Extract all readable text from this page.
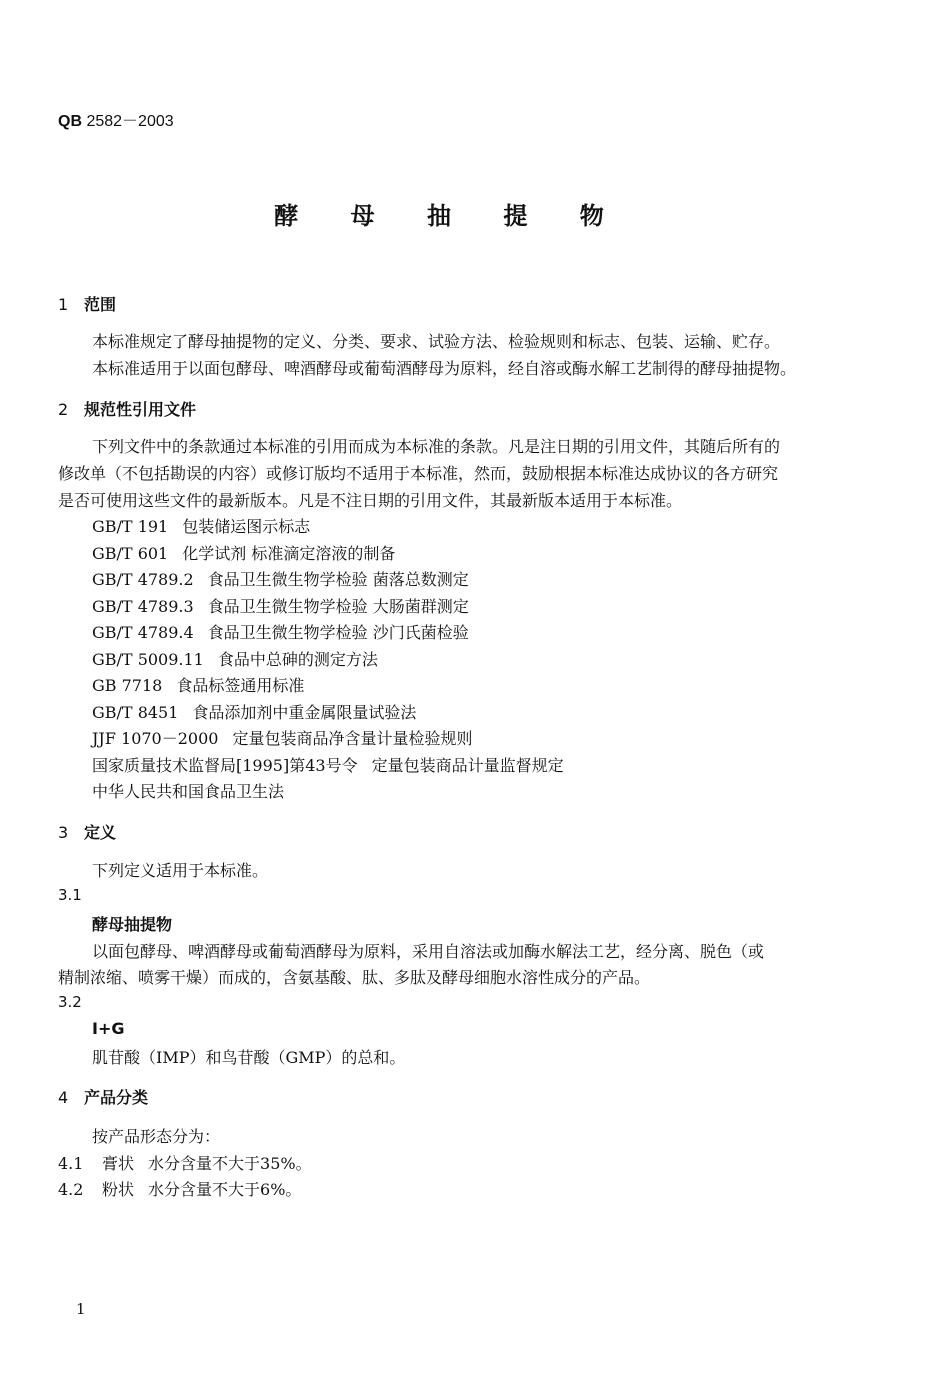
QB 2582－2003
酵 母 抽 提 物
1 范围
本标准规定了酵母抽提物的定义、分类、要求、试验方法、检验规则和标志、包装、运输、贮存。
本标准适用于以面包酵母、啤酒酵母或葡萄酒酵母为原料，经自溶或酶水解工艺制得的酵母抽提物。
2 规范性引用文件
下列文件中的条款通过本标准的引用而成为本标准的条款。凡是注日期的引用文件，其随后所有的
修改单（不包括勘误的内容）或修订版均不适用于本标准，然而，鼓励根据本标准达成协议的各方研究
是否可使用这些文件的最新版本。凡是不注日期的引用文件，其最新版本适用于本标准。
GB/T 191 包装储运图示标志
GB/T 601 化学试剂 标准滴定溶液的制备
GB/T 4789.2 食品卫生微生物学检验 菌落总数测定
GB/T 4789.3 食品卫生微生物学检验 大肠菌群测定
GB/T 4789.4 食品卫生微生物学检验 沙门氏菌检验
GB/T 5009.11 食品中总砷的测定方法
GB 7718 食品标签通用标准
GB/T 8451 食品添加剂中重金属限量试验法
JJF 1070－2000 定量包装商品净含量计量检验规则
国家质量技术监督局[1995]第43号令 定量包装商品计量监督规定
中华人民共和国食品卫生法
3 定义
下列定义适用于本标准。
3.1
酵母抽提物
以面包酵母、啤酒酵母或葡萄酒酵母为原料，采用自溶法或加酶水解法工艺，经分离、脱色（或
精制浓缩、喷雾干燥）而成的，含氨基酸、肽、多肽及酵母细胞水溶性成分的产品。
3.2
I+G
肌苷酸（IMP）和鸟苷酸（GMP）的总和。
4 产品分类
按产品形态分为：
4.1 膏状 水分含量不大于35%。
4.2 粉状 水分含量不大于6%。
1
